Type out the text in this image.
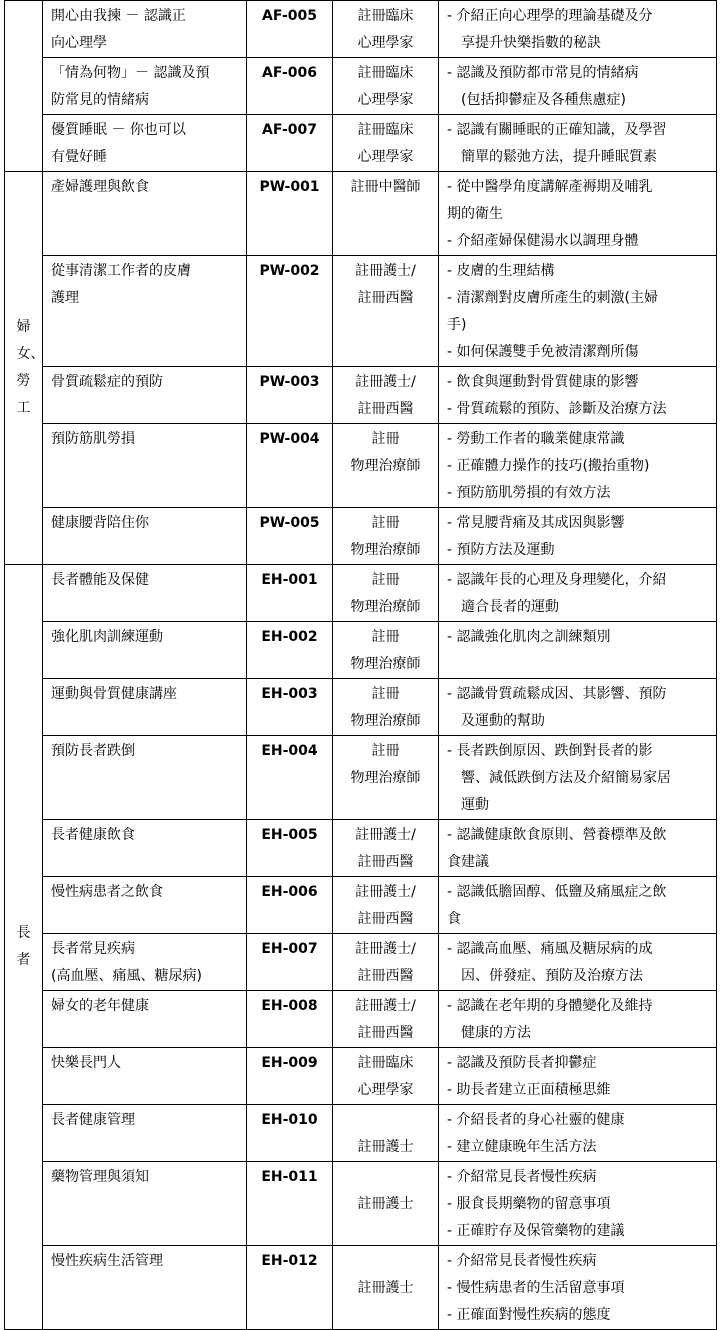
	開心由我揀 － 認識正
向心理學	AF-005	註冊臨床
心理學家	- 介紹正向心理學的理論基礎及分
　享提升快樂指數的秘訣

	「情為何物」－ 認識及預
防常見的情緒病	AF-006	註冊臨床
心理學家	- 認識及預防都市常見的情緒病
　(包括抑鬱症及各種焦慮症)

	優質睡眠 － 你也可以
有覺好睡	AF-007	註冊臨床
心理學家	- 認識有關睡眠的正確知識，及學習
　簡單的鬆弛方法，提升睡眠質素

婦女、勞工	產婦護理與飲食	PW-001	註冊中醫師	- 從中醫學角度講解產褥期及哺乳
期的衛生
- 介紹產婦保健湯水以調理身體

	從事清潔工作者的皮膚
護理	PW-002	註冊護士/
註冊西醫	- 皮膚的生理結構
- 清潔劑對皮膚所產生的刺激(主婦
手)
- 如何保護雙手免被清潔劑所傷

	骨質疏鬆症的預防	PW-003	註冊護士/
註冊西醫	- 飲食與運動對骨質健康的影響
- 骨質疏鬆的預防、診斷及治療方法

	預防筋肌勞損	PW-004	註冊
物理治療師	- 勞動工作者的職業健康常識
- 正確體力操作的技巧(搬抬重物)
- 預防筋肌勞損的有效方法

	健康腰背陪住你	PW-005	註冊
物理治療師	- 常見腰背痛及其成因與影響
- 預防方法及運動

長者	長者體能及保健	EH-001	註冊
物理治療師	- 認識年長的心理及身理變化，介紹
　適合長者的運動

	強化肌肉訓練運動	EH-002	註冊
物理治療師	- 認識強化肌肉之訓練類別

	運動與骨質健康講座	EH-003	註冊
物理治療師	- 認識骨質疏鬆成因、其影響、預防
　及運動的幫助

	預防長者跌倒	EH-004	註冊
物理治療師	- 長者跌倒原因、跌倒對長者的影
　響、減低跌倒方法及介紹簡易家居
　運動

	長者健康飲食	EH-005	註冊護士/
註冊西醫	- 認識健康飲食原則、營養標準及飲
食建議

	慢性病患者之飲食	EH-006	註冊護士/
註冊西醫	- 認識低膽固醇、低鹽及痛風症之飲
食

	長者常見疾病
(高血壓、痛風、糖尿病)	EH-007	註冊護士/
註冊西醫	- 認識高血壓、痛風及糖尿病的成
　因、併發症、預防及治療方法

	婦女的老年健康	EH-008	註冊護士/
註冊西醫	- 認識在老年期的身體變化及維持
　健康的方法

	快樂長門人	EH-009	註冊臨床
心理學家	- 認識及預防長者抑鬱症
- 助長者建立正面積極思維

	長者健康管理	EH-010	註冊護士	- 介紹長者的身心社靈的健康
- 建立健康晚年生活方法

	藥物管理與須知	EH-011	註冊護士	- 介紹常見長者慢性疾病
- 服食長期藥物的留意事項
- 正確貯存及保管藥物的建議

	慢性疾病生活管理	EH-012	註冊護士	- 介紹常見長者慢性疾病
- 慢性病患者的生活留意事項
- 正確面對慢性疾病的態度
